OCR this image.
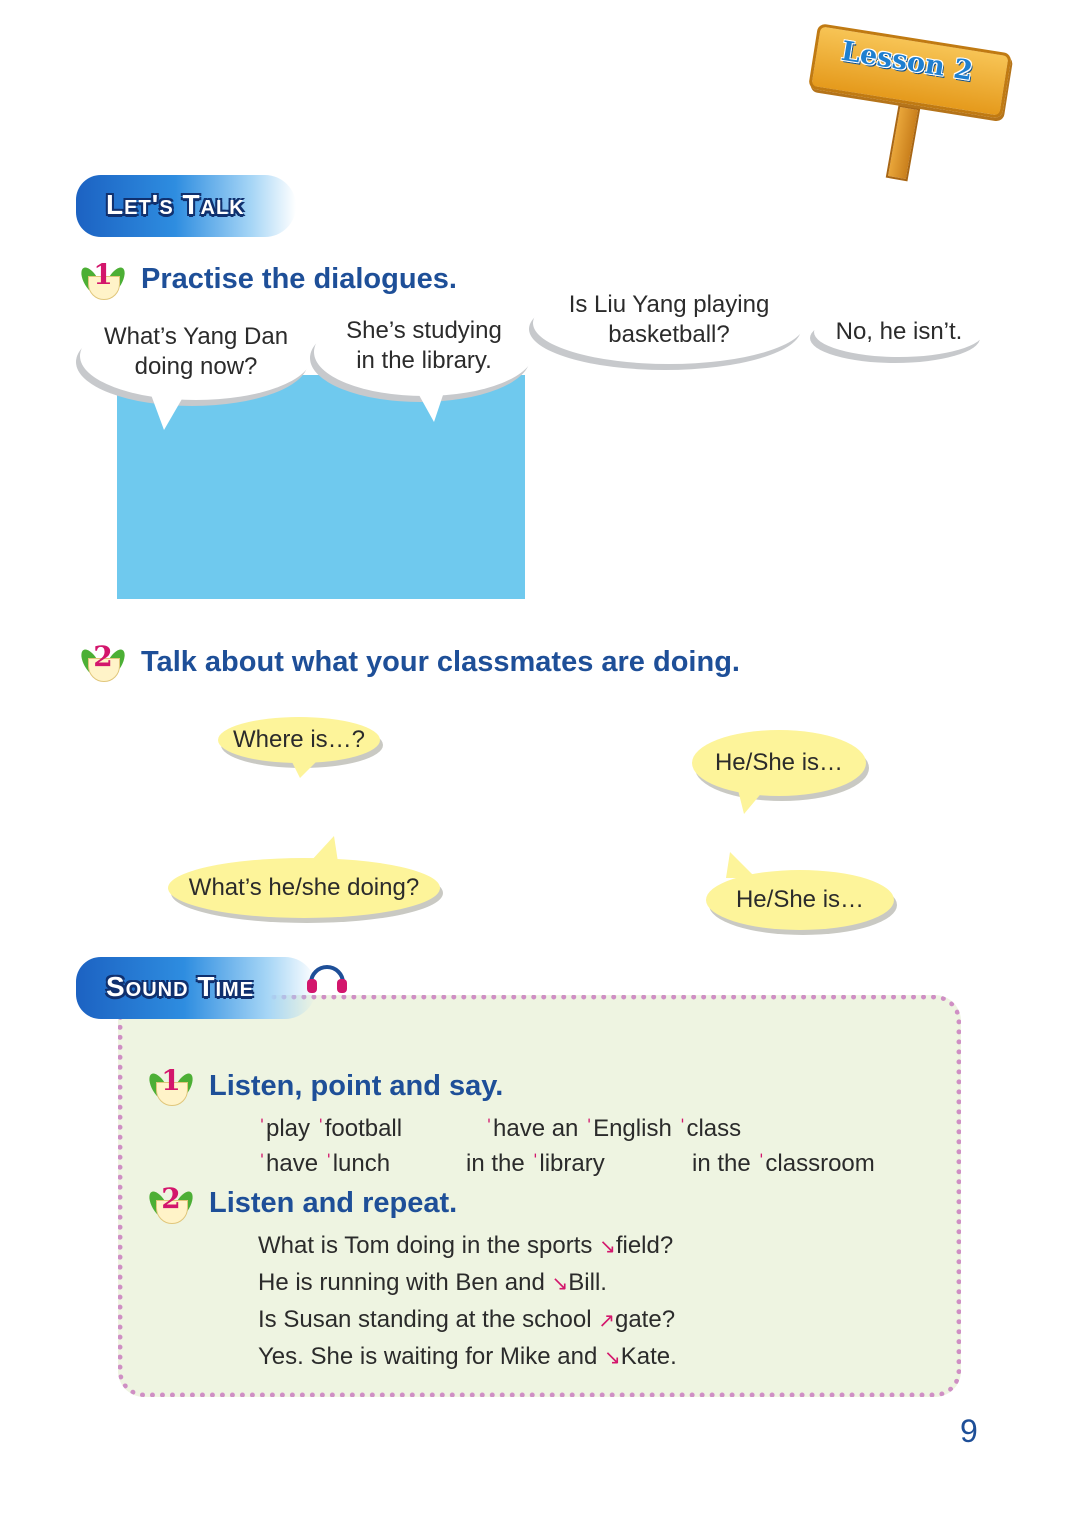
Lesson 2
Let's Talk
1 Practise the dialogues.
What’s Yang Dan
doing now?
She’s studying
in the library.
Is Liu Yang playing
basketball?	No, he isn’t.
2 Talk about what your classmates are doing.
Where is…?
He/She is…
What’s he/she doing?	He/She is…
Sound Time
1 Listen, point and say.
ˈplay ˈfootball	ˈhave an ˈEnglish ˈclass
ˈhave ˈlunch	in the ˈlibrary	in the ˈclassroom
2 Listen and repeat.
What is Tom doing in the sports ↘field?
He is running with Ben and ↘Bill.
Is Susan standing at the school ↗gate?
Yes. She is waiting for Mike and ↘Kate.
9
